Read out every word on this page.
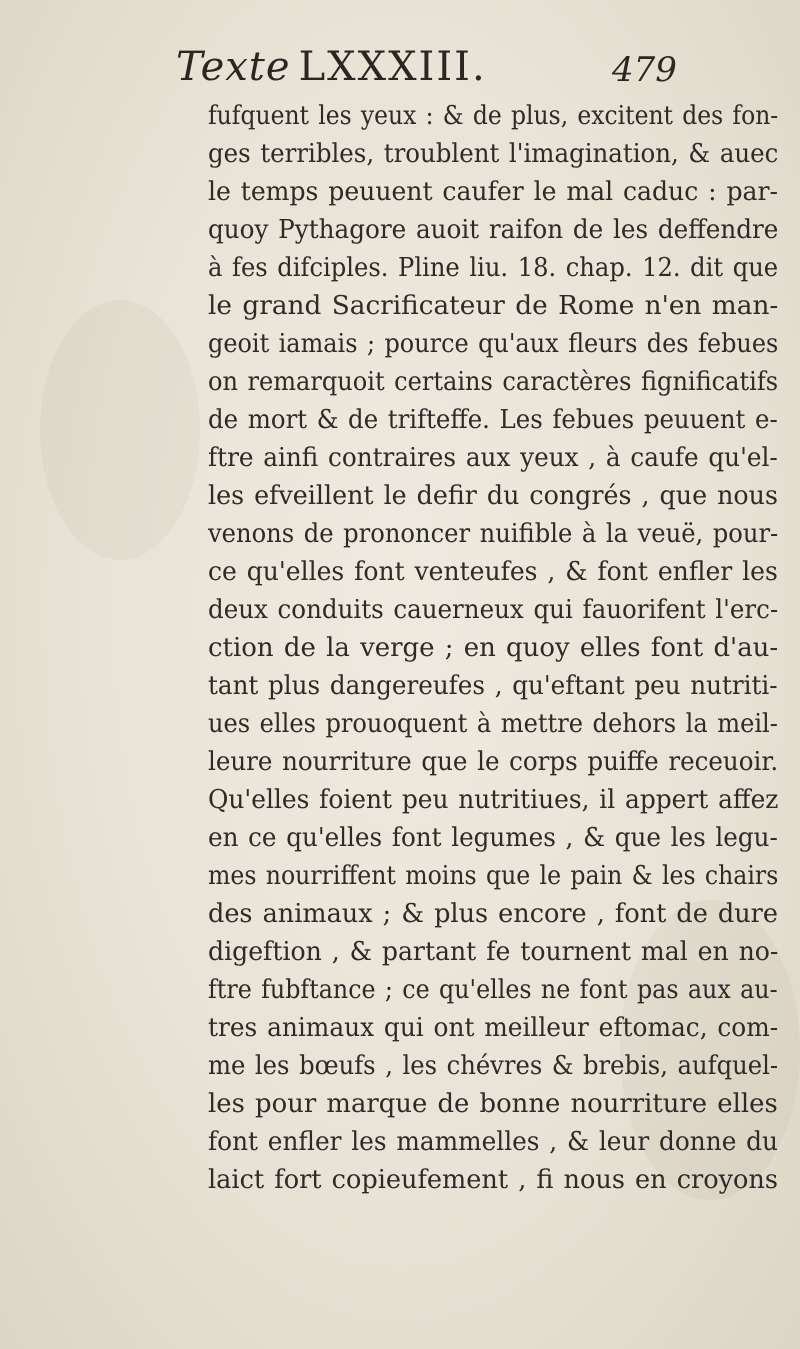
Texte LXXXIII.	479
fufquent les yeux : & de plus, excitent des fon-
ges terribles, troublent l'imagination, & auec
le temps peuuent caufer le mal caduc : par-
quoy Pythagore auoit raifon de les deffendre
à fes difciples. Pline liu. 18. chap. 12. dit que
le grand Sacrificateur de Rome n'en man-
geoit iamais ; pource qu'aux fleurs des febues
on remarquoit certains caractères fignificatifs
de mort & de trifteffe. Les febues peuuent e-
ftre ainfi contraires aux yeux , à caufe qu'el-
les efveillent le defir du congrés , que nous
venons de prononcer nuifible à la veuë, pour-
ce qu'elles font venteufes , & font enfler les
deux conduits cauerneux qui fauorifent l'erc-
ction de la verge ; en quoy elles font d'au-
tant plus dangereufes , qu'eftant peu nutriti-
ues elles prouoquent à mettre dehors la meil-
leure nourriture que le corps puiffe receuoir.
Qu'elles foient peu nutritiues, il appert affez
en ce qu'elles font legumes , & que les legu-
mes nourriffent moins que le pain & les chairs
des animaux ; & plus encore , font de dure
digeftion , & partant fe tournent mal en no-
ftre fubftance ; ce qu'elles ne font pas aux au-
tres animaux qui ont meilleur eftomac, com-
me les bœufs , les chévres & brebis, aufquel-
les pour marque de bonne nourriture elles
font enfler les mammelles , & leur donne du
laict fort copieufement , fi nous en croyons
